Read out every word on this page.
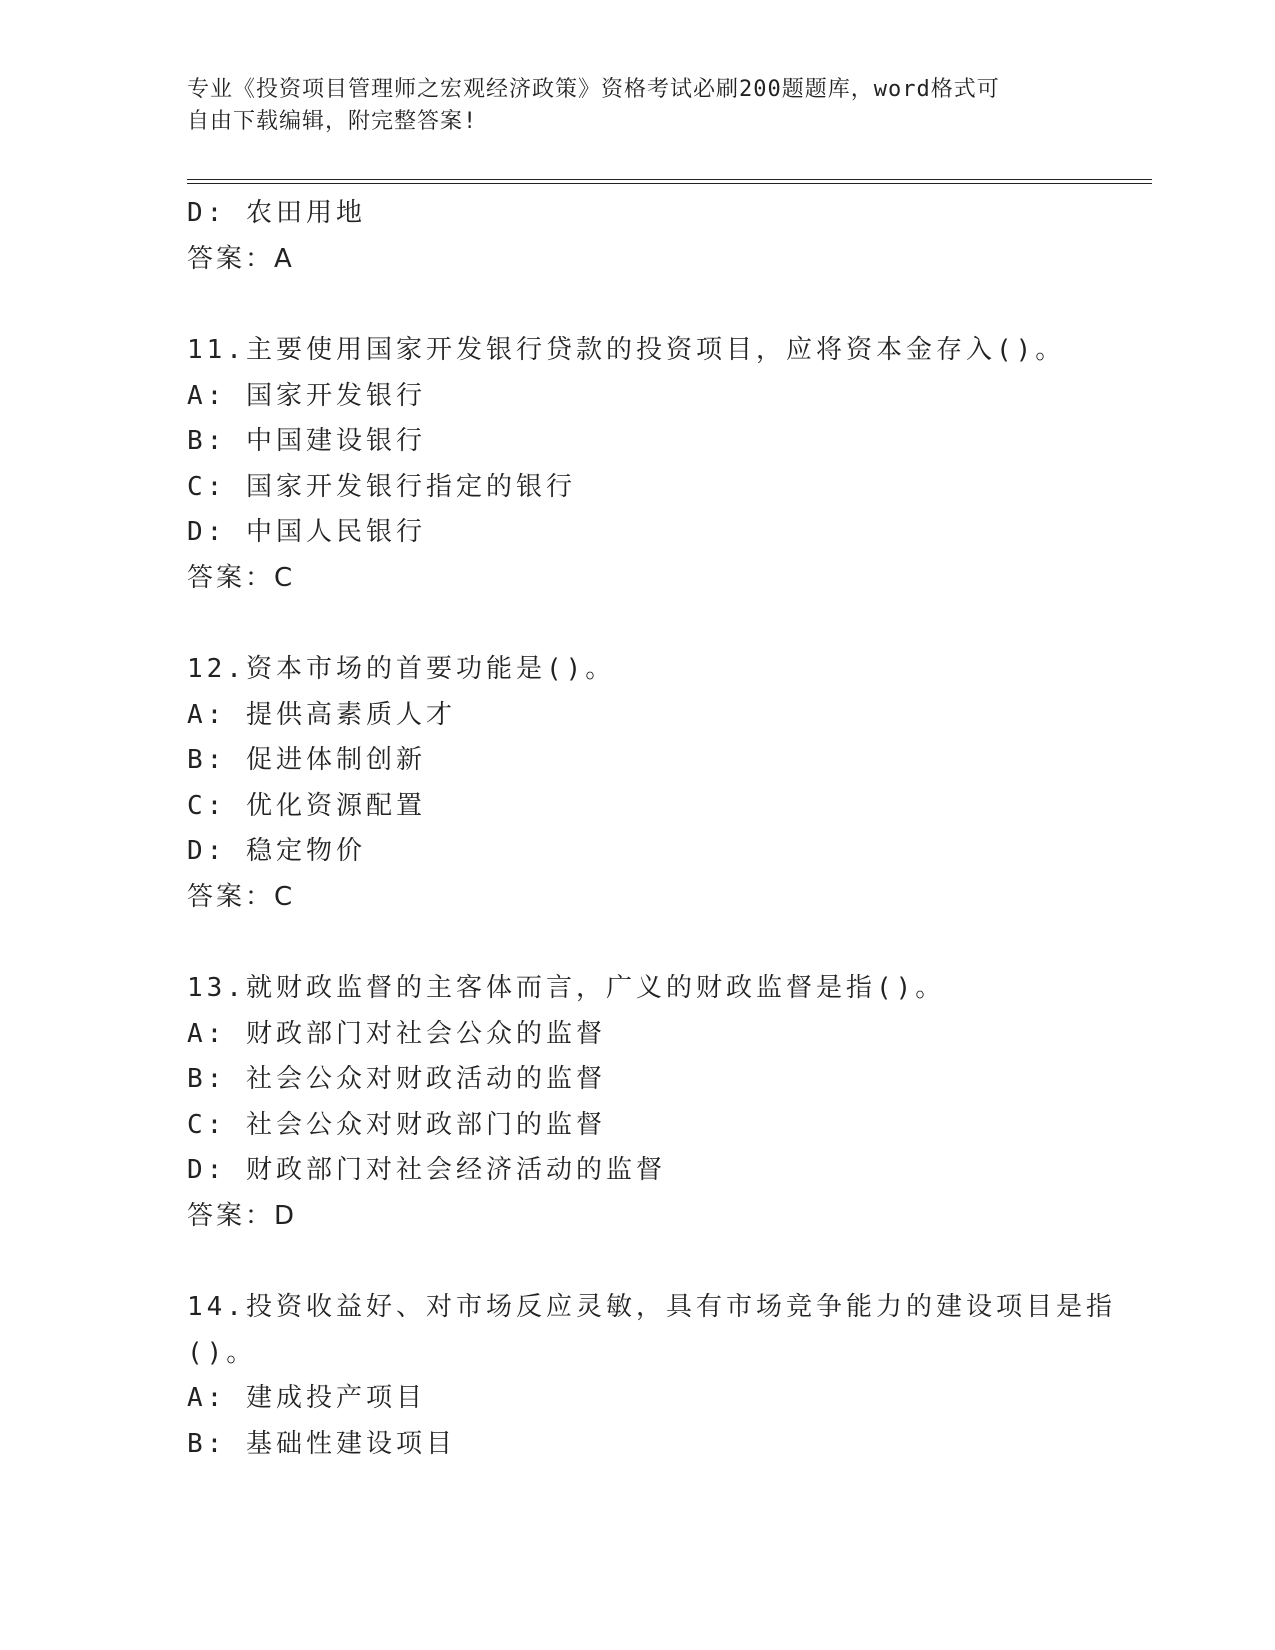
专业《投资项目管理师之宏观经济政策》资格考试必刷200题题库，word格式可
自由下载编辑，附完整答案!
D: 农田用地
答案：A
11.主要使用国家开发银行贷款的投资项目，应将资本金存入()。
A: 国家开发银行
B: 中国建设银行
C: 国家开发银行指定的银行
D: 中国人民银行
答案：C
12.资本市场的首要功能是()。
A: 提供高素质人才
B: 促进体制创新
C: 优化资源配置
D: 稳定物价
答案：C
13.就财政监督的主客体而言，广义的财政监督是指()。
A: 财政部门对社会公众的监督
B: 社会公众对财政活动的监督
C: 社会公众对财政部门的监督
D: 财政部门对社会经济活动的监督
答案：D
14.投资收益好、对市场反应灵敏，具有市场竞争能力的建设项目是指
()。
A: 建成投产项目
B: 基础性建设项目
